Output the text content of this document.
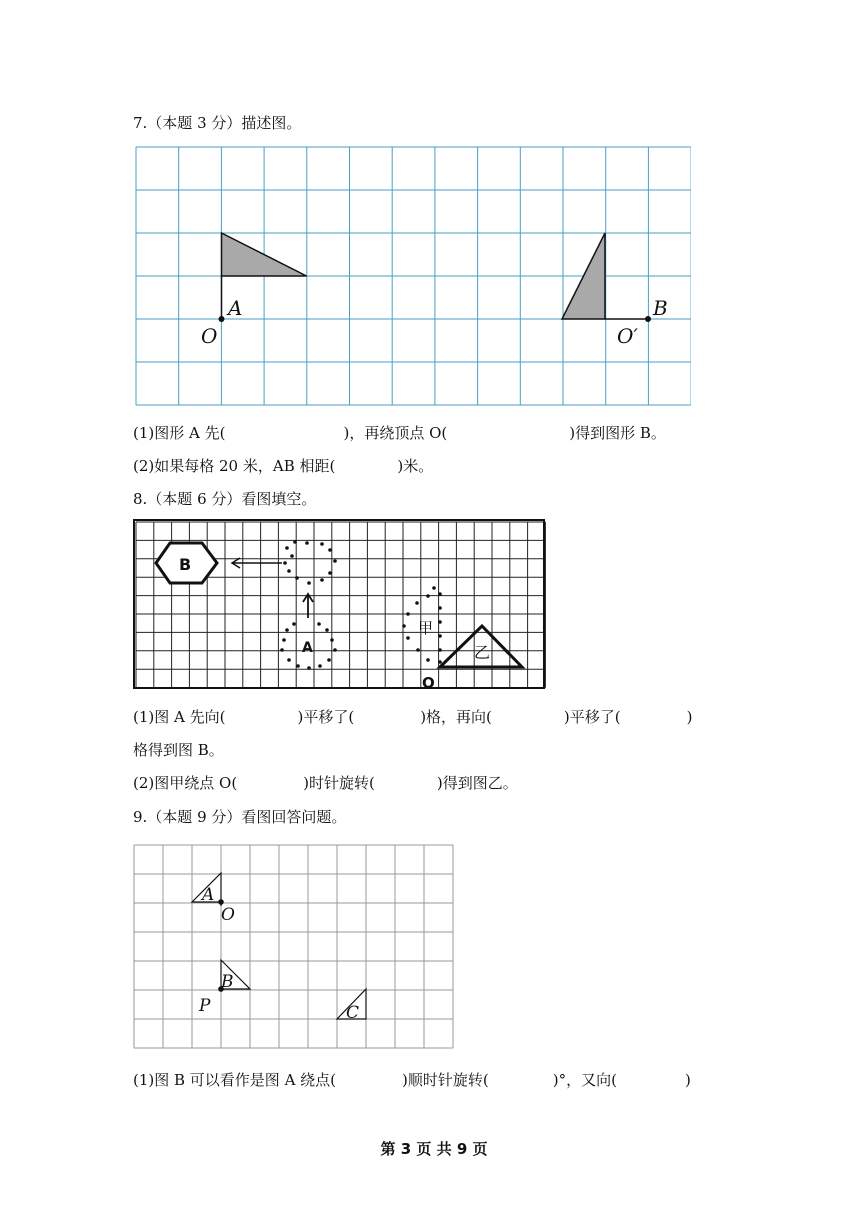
7.（本题 3 分）描述图。
A
O
B
O′
(1)图形 A 先(	)，再绕顶点 O(	)得到图形 B。
(2)如果每格 20 米，AB 相距(	)米。
8.（本题 6 分）看图填空。
B
A
甲
乙
O
(1)图 A 先向(	)平移了(	)格，再向(	)平移了(	)
格得到图 B。
(2)图甲绕点 O(	)时针旋转(	)得到图乙。
9.（本题 9 分）看图回答问题。
A
O
B
P	C
(1)图 B 可以看作是图 A 绕点(	)顺时针旋转(	)°，又向(	)
第 3 页 共 9 页
